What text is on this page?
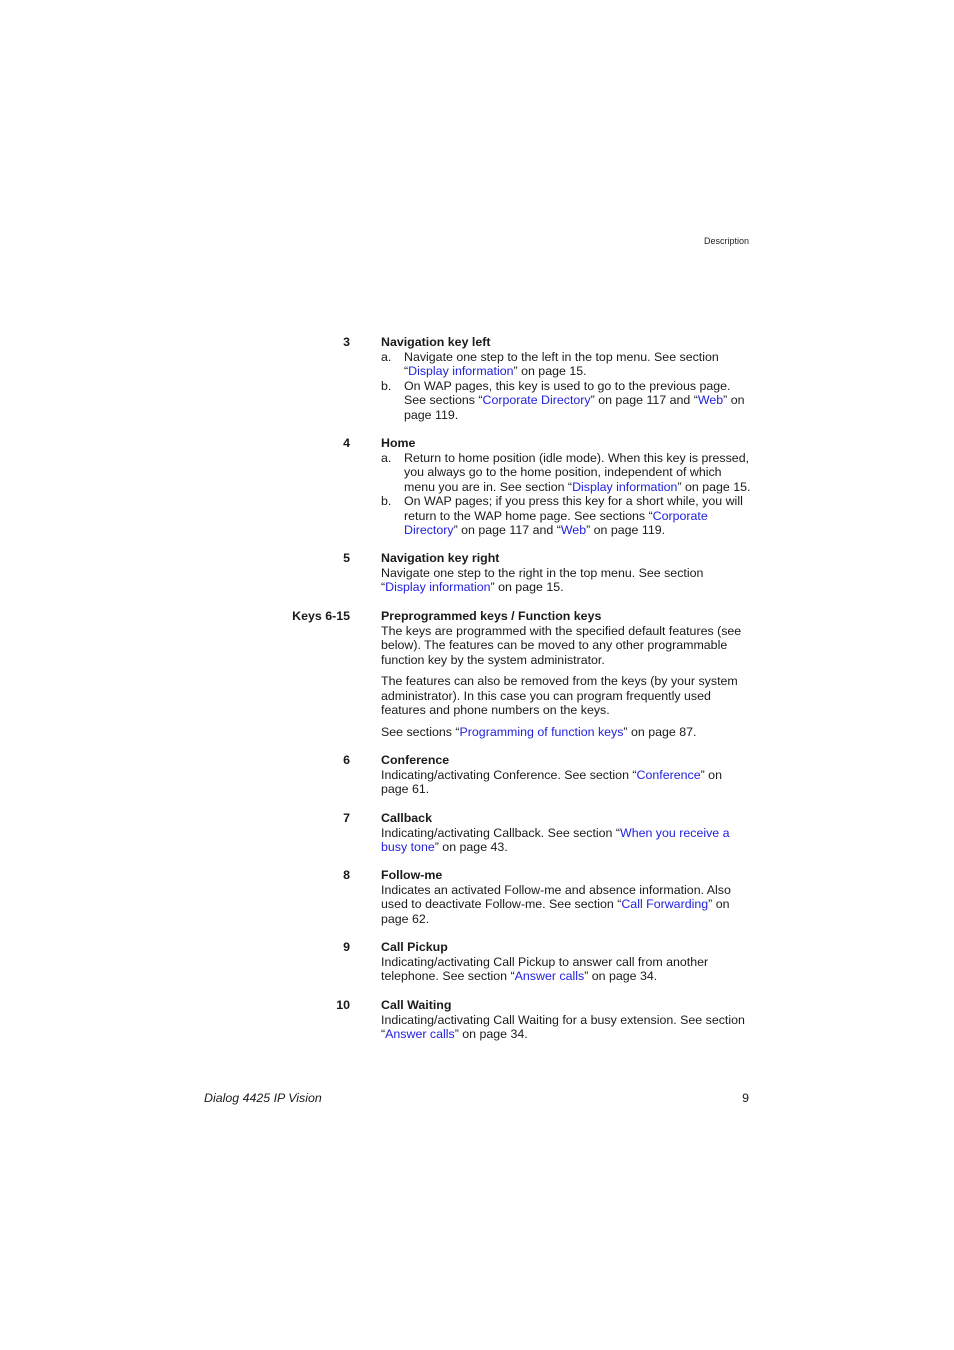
Description
3	Navigation key left
a. Navigate one step to the left in the top menu. See section “Display information” on page 15.
b. On WAP pages, this key is used to go to the previous page. See sections “Corporate Directory” on page 117 and “Web” on page 119.
4	Home
a. Return to home position (idle mode). When this key is pressed, you always go to the home position, independent of which menu you are in. See section “Display information” on page 15.
b. On WAP pages; if you press this key for a short while, you will return to the WAP home page. See sections “Corporate Directory” on page 117 and “Web” on page 119.
5	Navigation key right
Navigate one step to the right in the top menu. See section “Display information” on page 15.
Keys 6-15	Preprogrammed keys / Function keys
The keys are programmed with the specified default features (see below). The features can be moved to any other programmable function key by the system administrator.
The features can also be removed from the keys (by your system administrator). In this case you can program frequently used features and phone numbers on the keys.
See sections “Programming of function keys” on page 87.
6	Conference
Indicating/activating Conference. See section “Conference” on page 61.
7	Callback
Indicating/activating Callback. See section “When you receive a busy tone” on page 43.
8	Follow-me
Indicates an activated Follow-me and absence information. Also used to deactivate Follow-me. See section “Call Forwarding” on page 62.
9	Call Pickup
Indicating/activating Call Pickup to answer call from another telephone. See section “Answer calls” on page 34.
10	Call Waiting
Indicating/activating Call Waiting for a busy extension. See section “Answer calls” on page 34.
Dialog 4425 IP Vision	9
